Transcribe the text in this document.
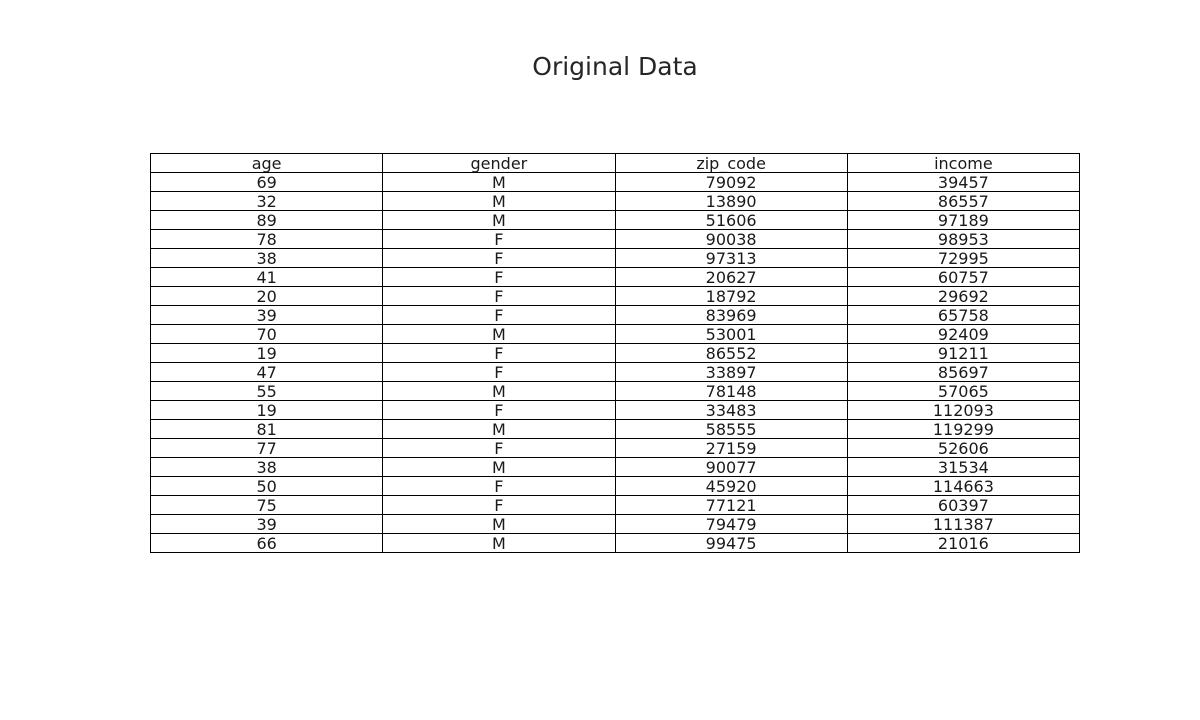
Original Data
age	gender	zip_code	income
69	M	79092	39457
32	M	13890	86557
89	M	51606	97189
78	F	90038	98953
38	F	97313	72995
41	F	20627	60757
20	F	18792	29692
39	F	83969	65758
70	M	53001	92409
19	F	86552	91211
47	F	33897	85697
55	M	78148	57065
19	F	33483	112093
81	M	58555	119299
77	F	27159	52606
38	M	90077	31534
50	F	45920	114663
75	F	77121	60397
39	M	79479	111387
66	M	99475	21016
